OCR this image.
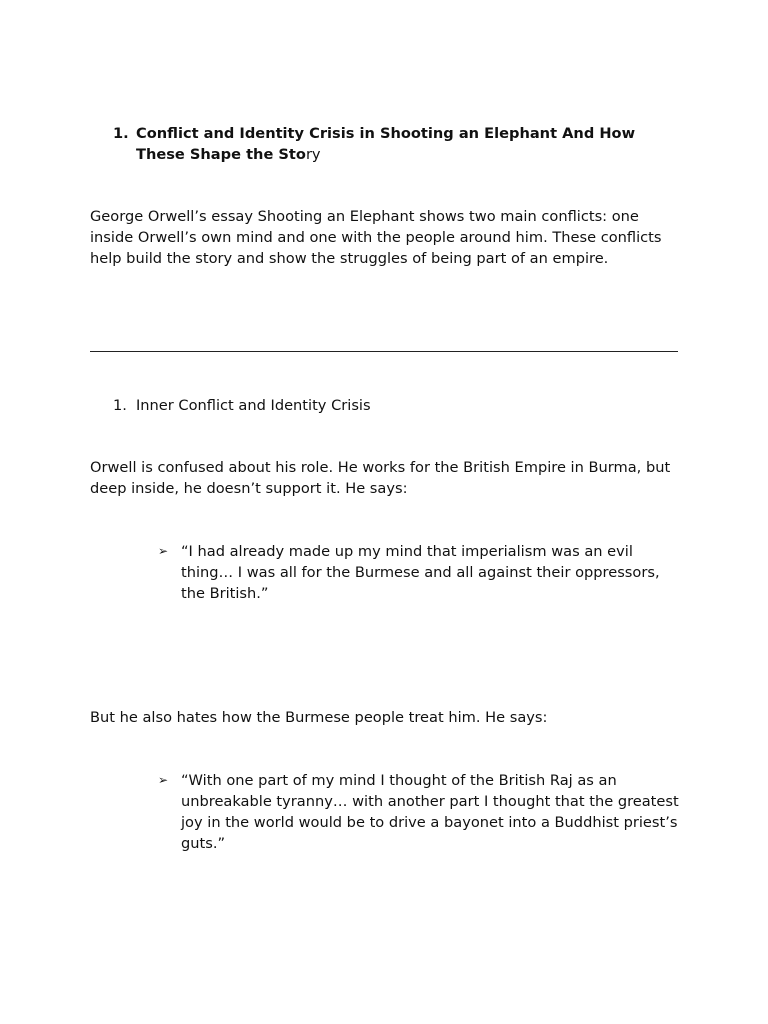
1. Conflict and Identity Crisis in Shooting an Elephant And How These Shape the Story
George Orwell’s essay Shooting an Elephant shows two main conflicts: one inside Orwell’s own mind and one with the people around him. These conflicts help build the story and show the struggles of being part of an empire.
1. Inner Conflict and Identity Crisis
Orwell is confused about his role. He works for the British Empire in Burma, but deep inside, he doesn’t support it. He says:
➢ “I had already made up my mind that imperialism was an evil thing… I was all for the Burmese and all against their oppressors, the British.”
But he also hates how the Burmese people treat him. He says:
➢ “With one part of my mind I thought of the British Raj as an unbreakable tyranny… with another part I thought that the greatest joy in the world would be to drive a bayonet into a Buddhist priest’s guts.”
